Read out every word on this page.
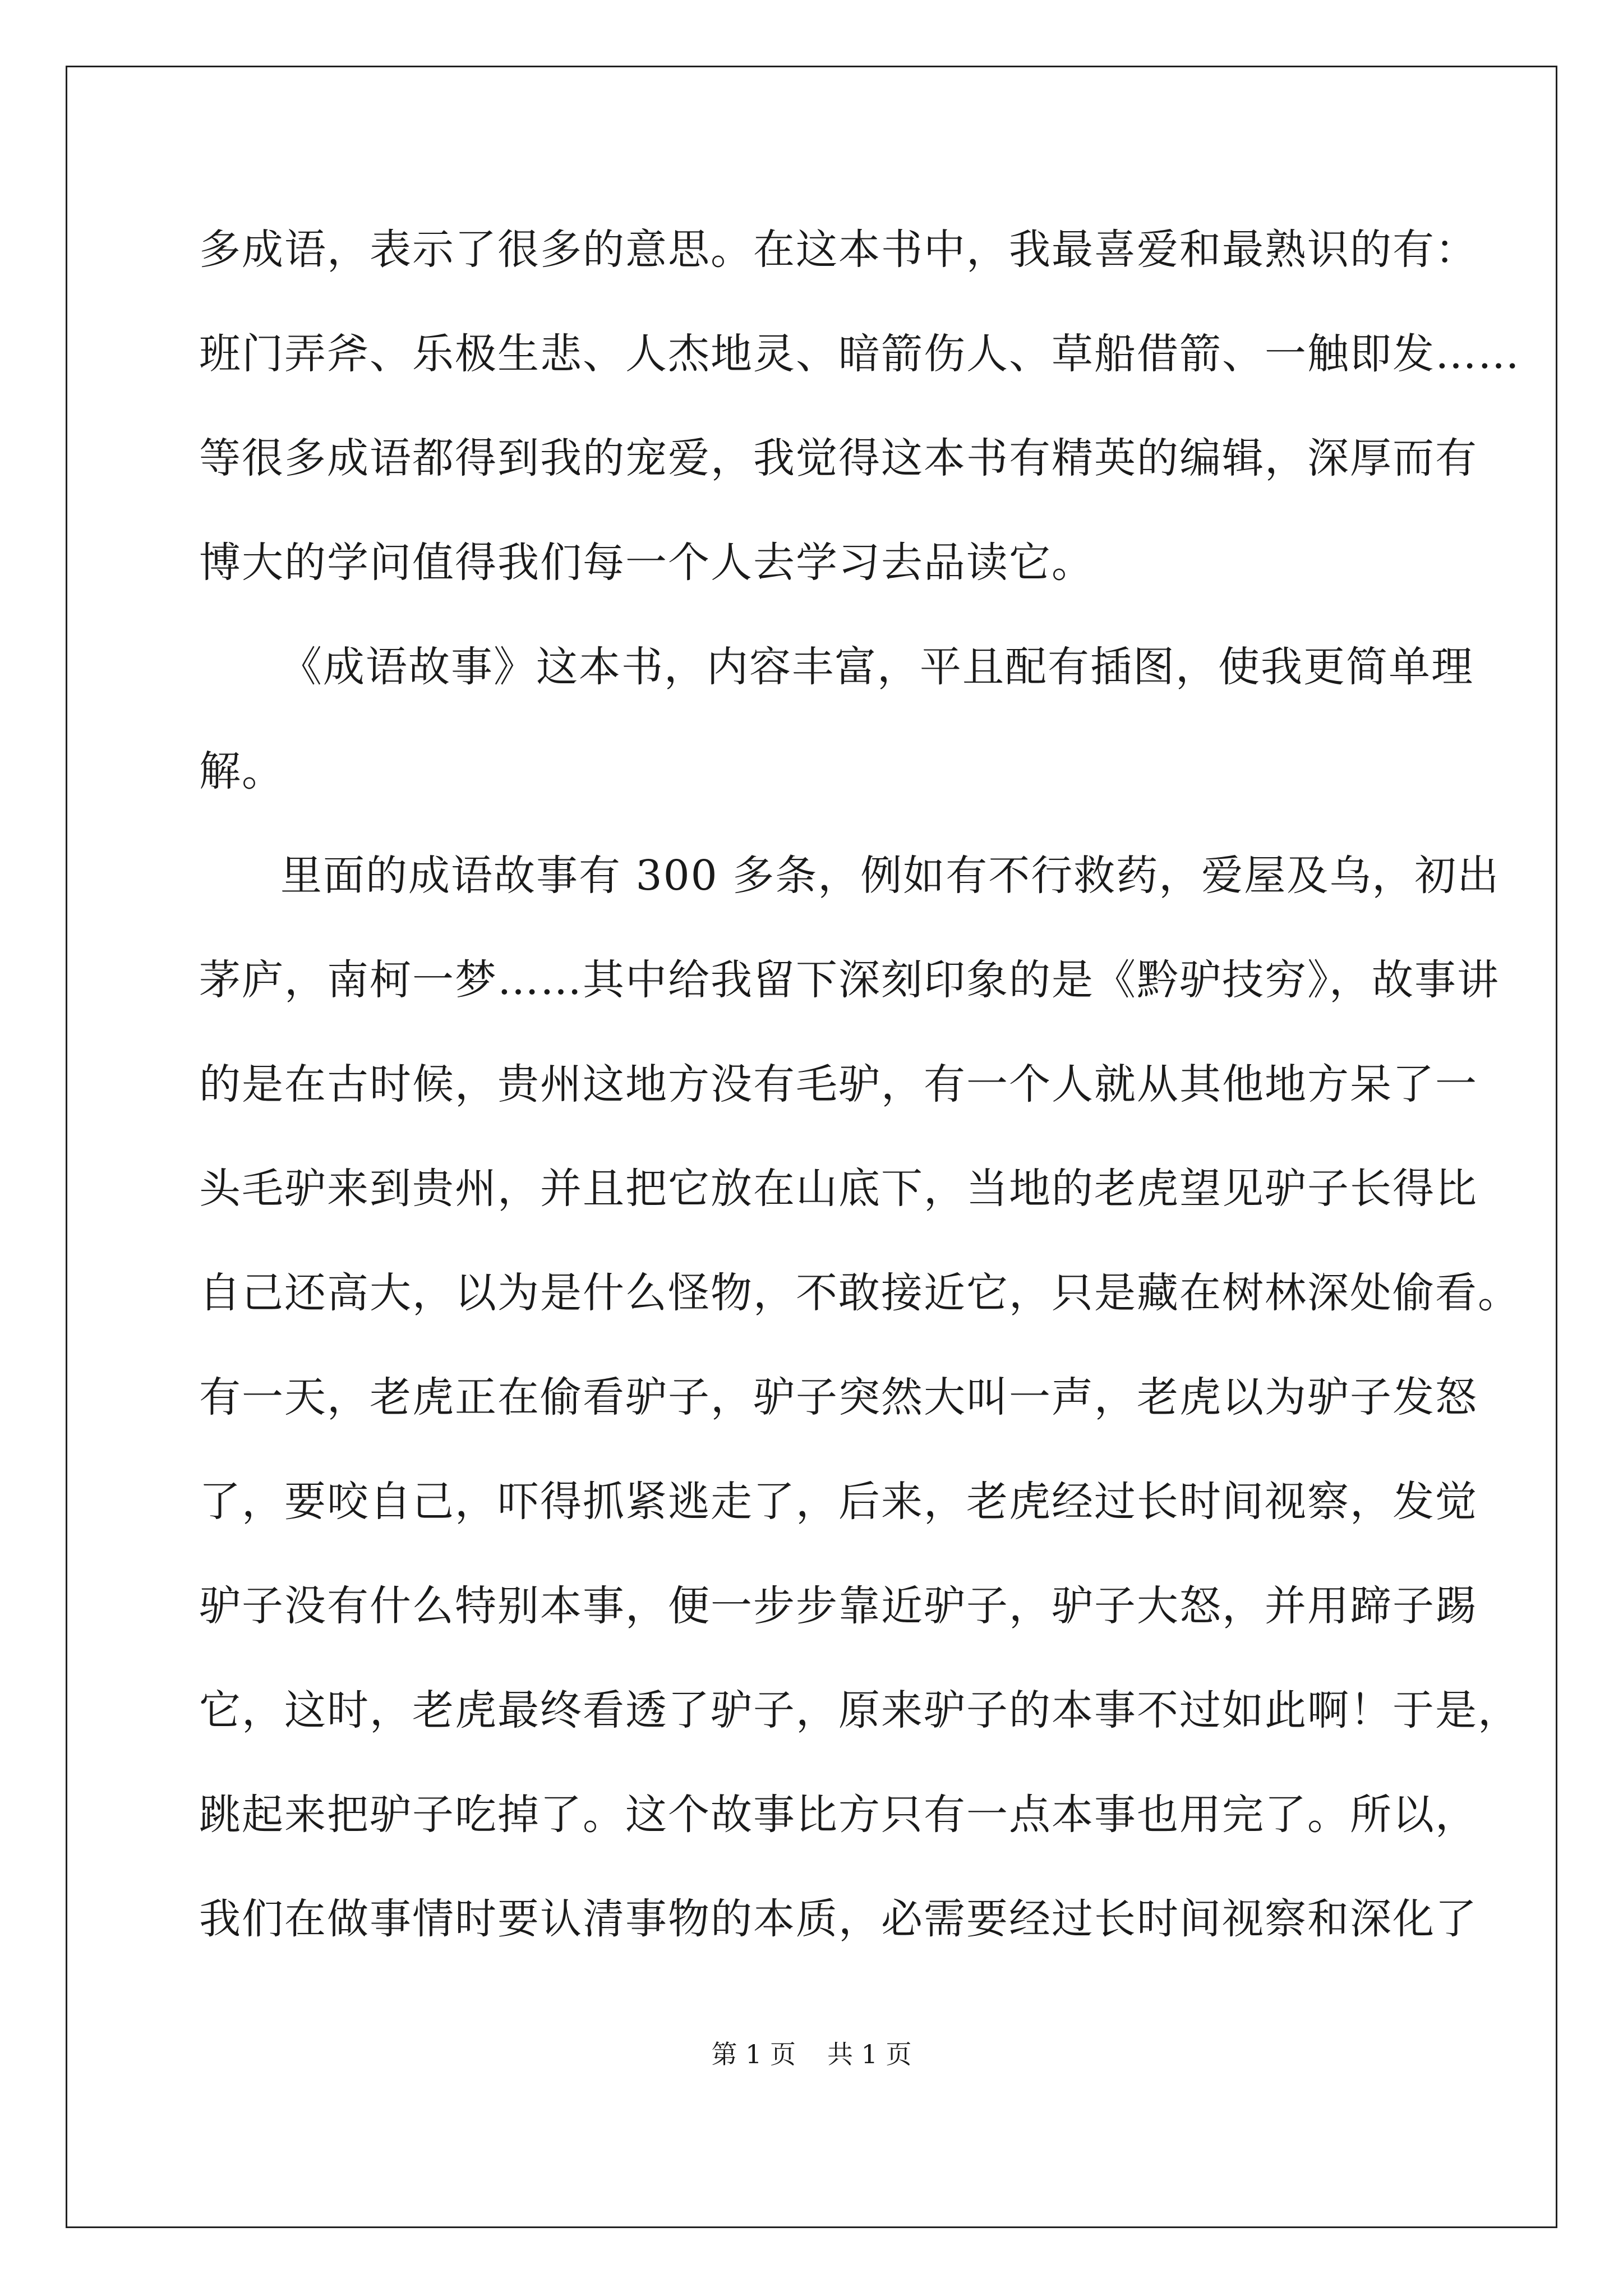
多成语，表示了很多的意思。在这本书中，我最喜爱和最熟识的有：
班门弄斧、乐极生悲、人杰地灵、暗箭伤人、草船借箭、一触即发……
等很多成语都得到我的宠爱，我觉得这本书有精英的编辑，深厚而有
博大的学问值得我们每一个人去学习去品读它。
《成语故事》这本书，内容丰富，平且配有插图，使我更简单理
解。
里面的成语故事有 300 多条，例如有不行救药，爱屋及乌，初出
茅庐，南柯一梦……其中给我留下深刻印象的是《黔驴技穷》，故事讲
的是在古时候，贵州这地方没有毛驴，有一个人就从其他地方呆了一
头毛驴来到贵州，并且把它放在山底下，当地的老虎望见驴子长得比
自己还高大，以为是什么怪物，不敢接近它，只是藏在树林深处偷看。
有一天，老虎正在偷看驴子，驴子突然大叫一声，老虎以为驴子发怒
了，要咬自己，吓得抓紧逃走了，后来，老虎经过长时间视察，发觉
驴子没有什么特别本事，便一步步靠近驴子，驴子大怒，并用蹄子踢
它，这时，老虎最终看透了驴子，原来驴子的本事不过如此啊！于是，
跳起来把驴子吃掉了。这个故事比方只有一点本事也用完了。所以，
我们在做事情时要认清事物的本质，必需要经过长时间视察和深化了
第 1 页 共 1 页
